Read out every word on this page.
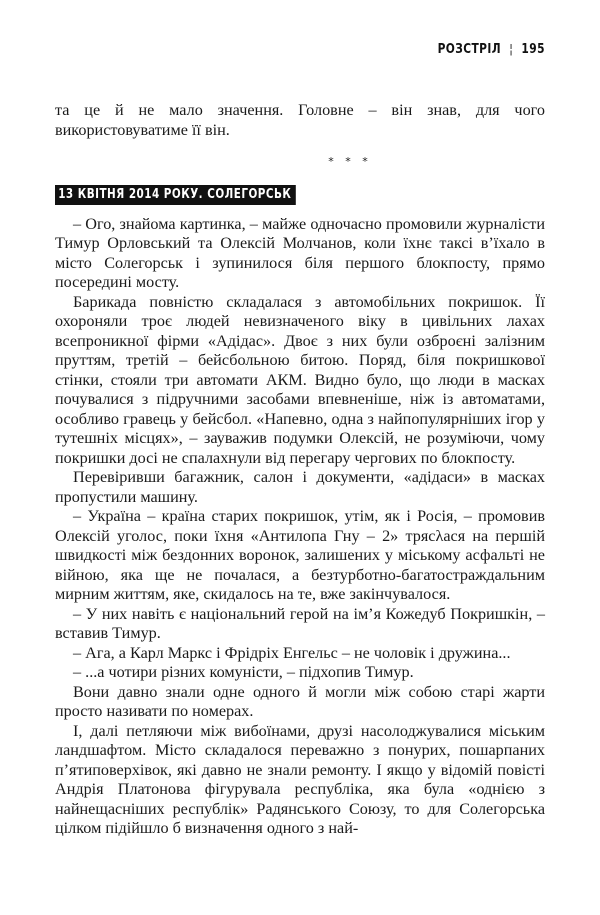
РОЗСТРІЛ ¦ 195

та це й не мало значення. Головне – він знав, для чого використовуватиме її він.

* * *
13 КВІТНЯ 2014 РОКУ. СОЛЕГОРСЬК

– Ого, знайома картинка, – майже одночасно промовили журналісти Тимур Орловський та Олексій Молчанов, коли їхнє таксі в’їхало в місто Солегорськ і зупинилося біля першого блокпосту, прямо посередині мосту.

Барикада повністю складалася з автомобільних покришок. Її охороняли троє людей невизначеного віку в цивільних лахах всепроникної фірми «Адідас». Двоє з них були озброєні залізним пруттям, третій – бейсбольною битою. Поряд, біля покришкової стінки, стояли три автомати АКМ. Видно було, що люди в масках почувалися з підручними засобами впевненіше, ніж із автоматами, особливо гравець у бейсбол. «Напевно, одна з найпопулярніших ігор у тутешніх місцях», – зауважив подумки Олексій, не розуміючи, чому покришки досі не спалахнули від перегару чергових по блокпосту.

Перевіривши багажник, салон і документи, «адідаси» в масках пропустили машину.

– Україна – країна старих покришок, утім, як і Росія, – промовив Олексій уголос, поки їхня «Антилопа Гну – 2» трясλася на першій швидкості між бездонних воронок, залишених у міському асфальті не війною, яка ще не почалася, а безтурботно-багатостраждальним мирним життям, яке, скидалось на те, вже закінчувалося.

– У них навіть є національний герой на ім’я Кожедуб Покришкін, – вставив Тимур.

– Ага, а Карл Маркс і Фрідріх Енгельс – не чоловік і дружина...

– ...а чотири різних комуністи, – підхопив Тимур.

Вони давно знали одне одного й могли між собою старі жарти просто називати по номерах.

І, далі петляючи між вибоїнами, друзі насолоджувалися міським ландшафтом. Місто складалося переважно з понурих, пошарпаних п’ятиповерхівок, які давно не знали ремонту. І якщо у відомій повісті Андрія Платонова фігурувала республіка, яка була «однією з найнещасніших республік» Радянського Союзу, то для Солегорська цілком підійшло б визначення одного з най-
